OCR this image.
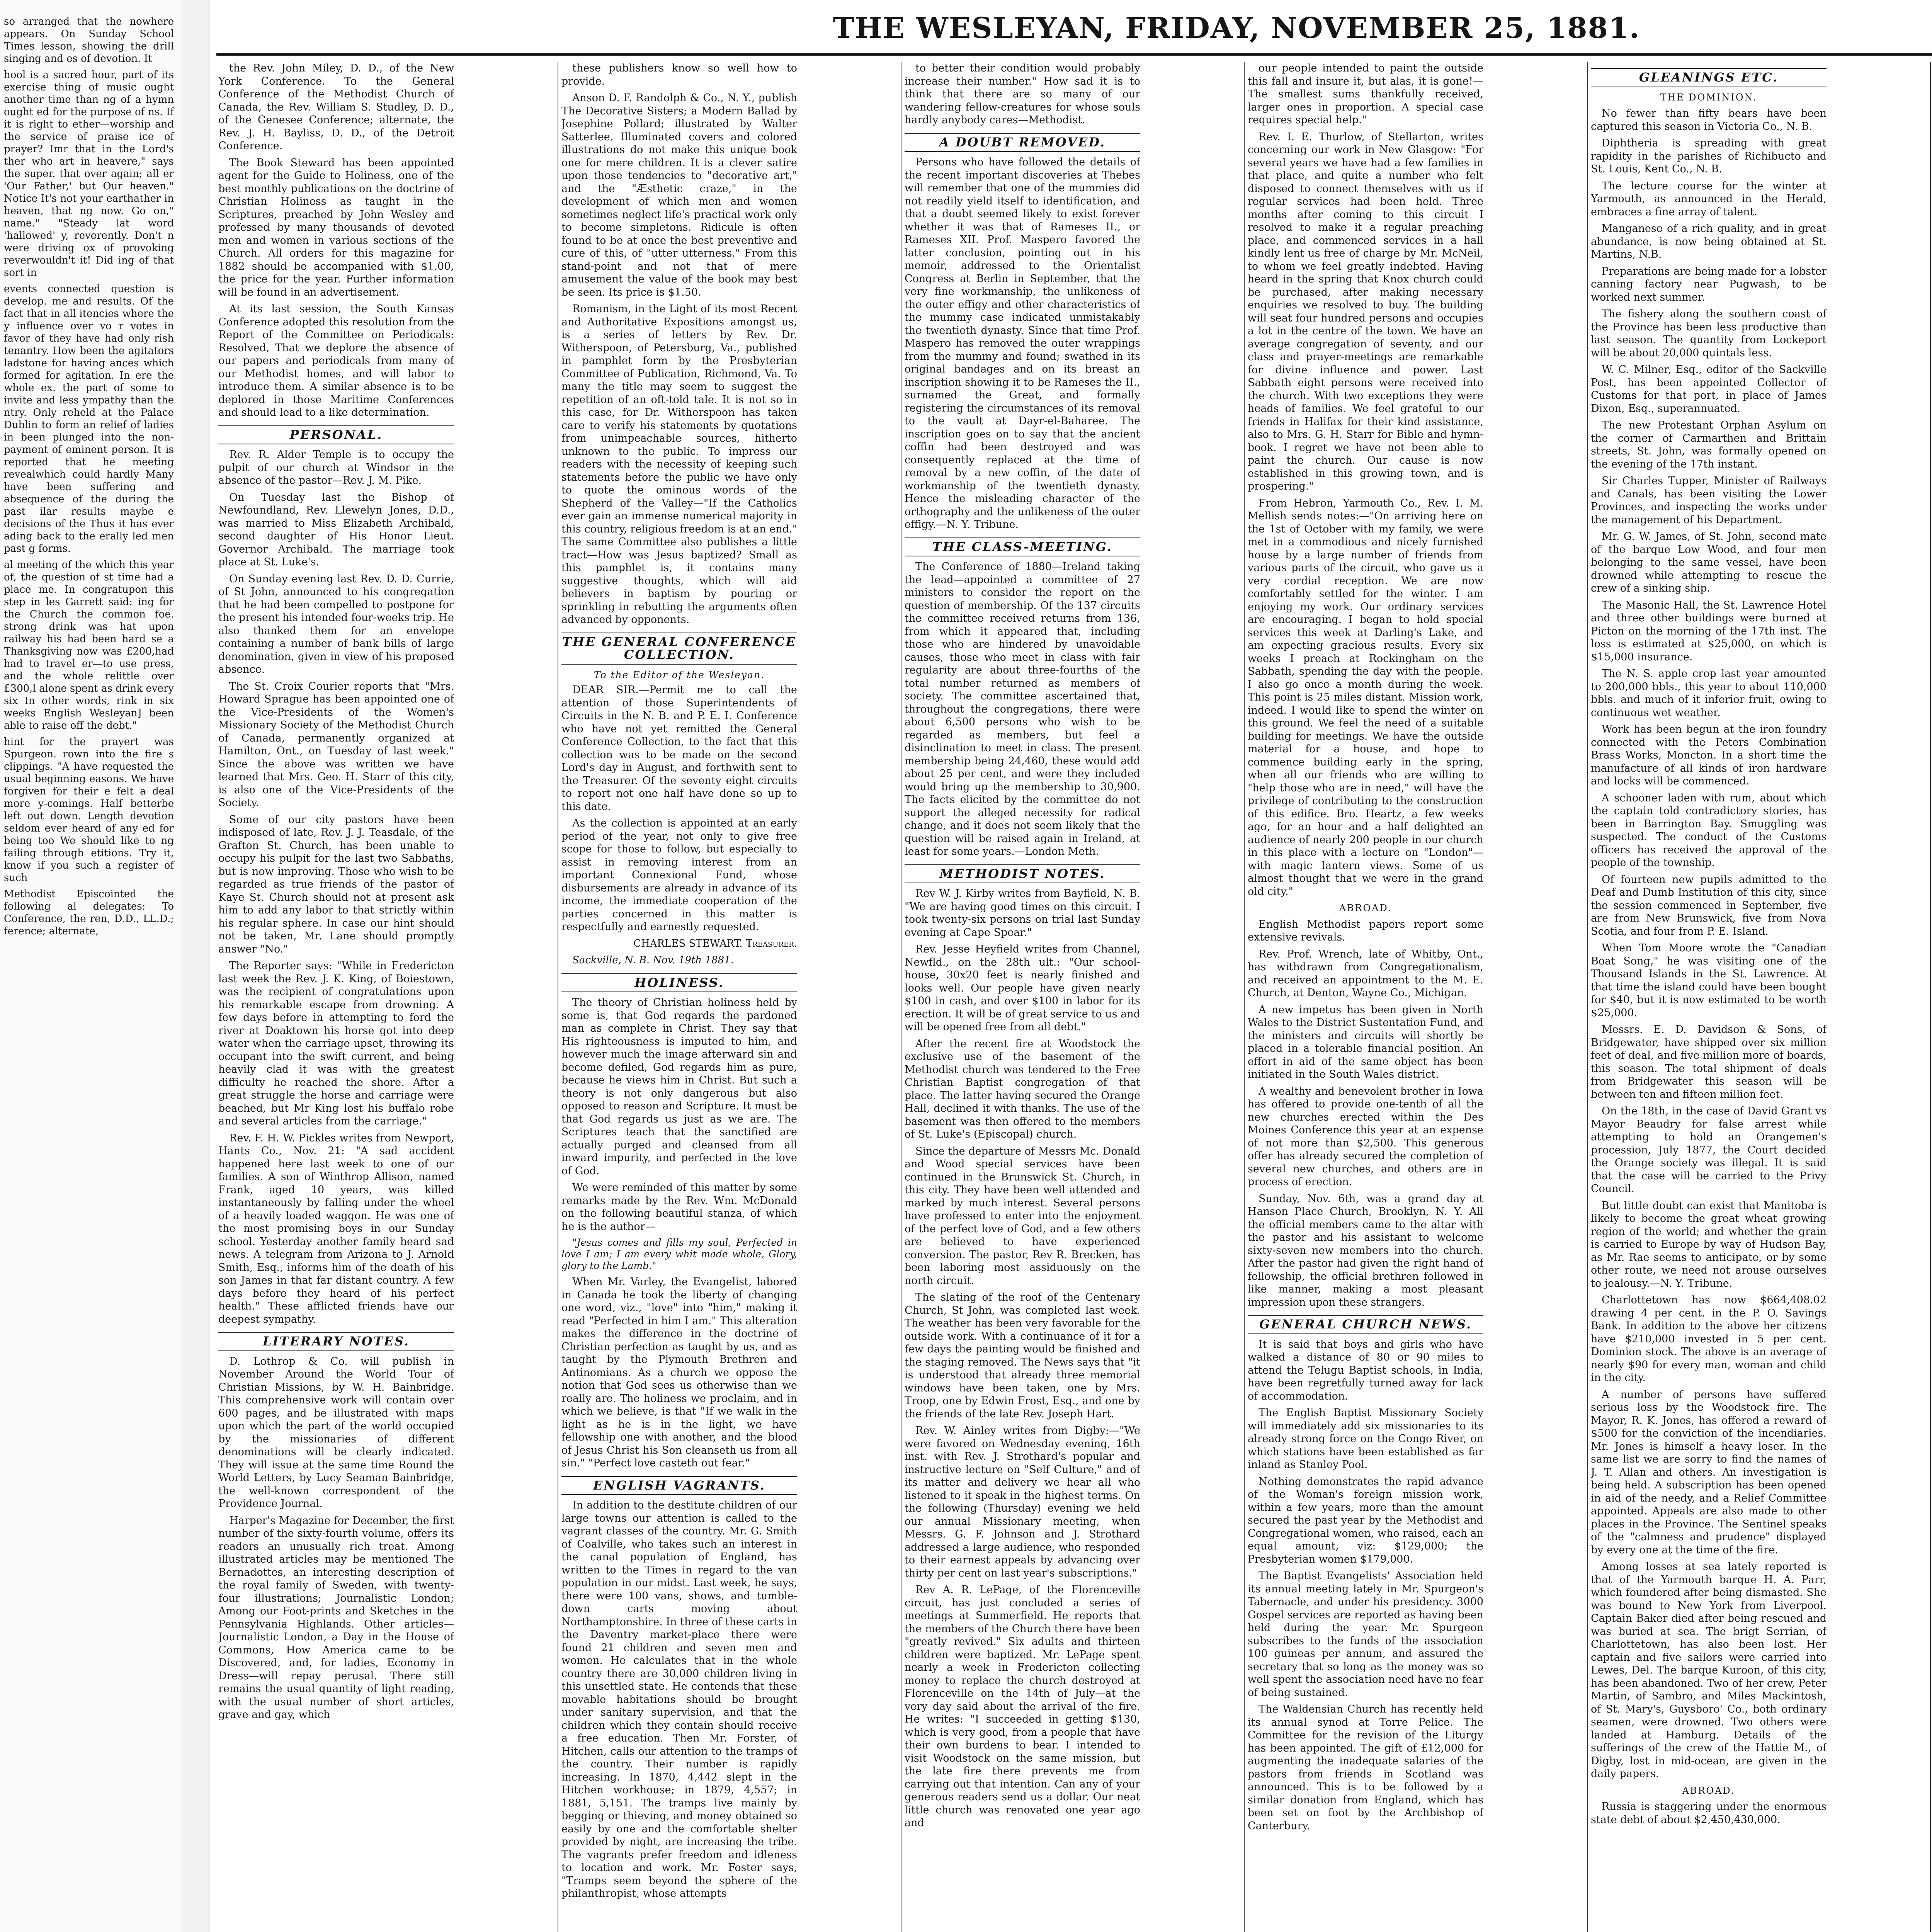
so arranged that the nowhere appears. On Sunday School Times lesson, showing the drill singing and es of devotion. It

hool is a sacred hour, part of its exercise thing of music ought another time than ng of a hymn ought ed for the purpose of ns. If it is right to ether—worship and the service of praise ice of prayer? Imr that in the Lord's ther who art in heavere," says the super. that over again; all er 'Our Father,' but Our heaven." Notice It's not your earthather in heaven, that ng now. Go on," name." "Steady lat word 'hallowed' y, reverently. Don't n were driving ox of provoking reverwouldn't it! Did ing of that sort in

events connected question is develop. me and results. Of the fact that in all itencies where the y influence over vo r votes in favor of they have had only rish tenantry. How been the agitators ladstone for having ances which formed for agitation. In ere the whole ex. the part of some to invite and less ympathy than the ntry. Only reheld at the Palace Dublin to form an relief of ladies in been plunged into the non-payment of eminent person. It is reported that he meeting revealwhich could hardly Many have been suffering and absequence of the during the past ilar results maybe e decisions of the Thus it has ever ading back to the erally led men past g forms.

al meeting of the which this year of, the question of st time had a place me. In congratupon this step in les Garrett said: ing for the Church the common foe. strong drink was hat upon railway his had been hard se a Thanksgiving now was £200,had had to travel er—to use press, and the whole relittle over £300,l alone spent as drink every six In other words, rink in six weeks English Wesleyan] been able to raise off the debt."

hint for the prayert was Spurgeon. rown into the fire s clippings. "A have requested the usual beginning easons. We have forgiven for their e felt a deal more y-comings. Half betterbe left out down. Length devotion seldom ever heard of any ed for being too We should like to ng failing through etitions. Try it, know if you such a register of such

Methodist Episcointed the following al delegates: To Conference, the ren, D.D., LL.D.; ference; alternate,

THE WESLEYAN, FRIDAY, NOVEMBER 25, 1881.

the Rev. John Miley, D. D., of the New York Conference. To the General Conference of the Methodist Church of Canada, the Rev. William S. Studley, D. D., of the Genesee Conference; alternate, the Rev. J. H. Bayliss, D. D., of the Detroit Conference.

The Book Steward has been appointed agent for the Guide to Holiness, one of the best monthly publications on the doctrine of Christian Holiness as taught in the Scriptures, preached by John Wesley and professed by many thousands of devoted men and women in various sections of the Church. All orders for this magazine for 1882 should be accompanied with $1.00, the price for the year. Further information will be found in an advertisement.

At its last session, the South Kansas Conference adopted this resolution from the Report of the Committee on Periodicals: Resolved, That we deplore the absence of our papers and periodicals from many of our Methodist homes, and will labor to introduce them. A similar absence is to be deplored in those Maritime Conferences and should lead to a like determination.

PERSONAL.

Rev. R. Alder Temple is to occupy the pulpit of our church at Windsor in the absence of the pastor—Rev. J. M. Pike.

On Tuesday last the Bishop of Newfoundland, Rev. Llewelyn Jones, D.D., was married to Miss Elizabeth Archibald, second daughter of His Honor Lieut. Governor Archibald. The marriage took place at St. Luke's.

On Sunday evening last Rev. D. D. Currie, of St John, announced to his congregation that he had been compelled to postpone for the present his intended four-weeks trip. He also thanked them for an envelope containing a number of bank bills of large denomination, given in view of his proposed absence.

The St. Croix Courier reports that "Mrs. Howard Sprague has been appointed one of the Vice-Presidents of the Women's Missionary Society of the Methodist Church of Canada, permanently organized at Hamilton, Ont., on Tuesday of last week." Since the above was written we have learned that Mrs. Geo. H. Starr of this city, is also one of the Vice-Presidents of the Society.

Some of our city pastors have been indisposed of late, Rev. J. J. Teasdale, of the Grafton St. Church, has been unable to occupy his pulpit for the last two Sabbaths, but is now improving. Those who wish to be regarded as true friends of the pastor of Kaye St. Church should not at present ask him to add any labor to that strictly within his regular sphere. In case our hint should not be taken, Mr. Lane should promptly answer "No."

The Reporter says: "While in Fredericton last week the Rev. J. K. King, of Boiestown, was the recipient of congratulations upon his remarkable escape from drowning. A few days before in attempting to ford the river at Doaktown his horse got into deep water when the carriage upset, throwing its occupant into the swift current, and being heavily clad it was with the greatest difficulty he reached the shore. After a great struggle the horse and carriage were beached, but Mr King lost his buffalo robe and several articles from the carriage."

Rev. F. H. W. Pickles writes from Newport, Hants Co., Nov. 21: "A sad accident happened here last week to one of our families. A son of Winthrop Allison, named Frank, aged 10 years, was killed instantaneously by falling under the wheel of a heavily loaded waggon. He was one of the most promising boys in our Sunday school. Yesterday another family heard sad news. A telegram from Arizona to J. Arnold Smith, Esq., informs him of the death of his son James in that far distant country. A few days before they heard of his perfect health." These afflicted friends have our deepest sympathy.

LITERARY NOTES.

D. Lothrop & Co. will publish in November Around the World Tour of Christian Missions, by W. H. Bainbridge. This comprehensive work will contain over 600 pages, and be illustrated with maps upon which the part of the world occupied by the missionaries of different denominations will be clearly indicated. They will issue at the same time Round the World Letters, by Lucy Seaman Bainbridge, the well-known correspondent of the Providence Journal.

Harper's Magazine for December, the first number of the sixty-fourth volume, offers its readers an unusually rich treat. Among illustrated articles may be mentioned The Bernadottes, an interesting description of the royal family of Sweden, with twenty-four illustrations; Journalistic London; Among our Foot-prints and Sketches in the Pennsylvania Highlands. Other articles—Journalistic London, a Day in the House of Commons, How America came to be Discovered, and, for ladies, Economy in Dress—will repay perusal. There still remains the usual quantity of light reading, with the usual number of short articles, grave and gay, which

these publishers know so well how to provide.

Anson D. F. Randolph & Co., N. Y., publish The Decorative Sisters; a Modern Ballad by Josephine Pollard; illustrated by Walter Satterlee. Illuminated covers and colored illustrations do not make this unique book one for mere children. It is a clever satire upon those tendencies to "decorative art," and the "Æsthetic craze," in the development of which men and women sometimes neglect life's practical work only to become simpletons. Ridicule is often found to be at once the best preventive and cure of this, of "utter utterness." From this stand-point and not that of mere amusement the value of the book may best be seen. Its price is $1.50.

Romanism, in the Light of its most Recent and Authoritative Expositions amongst us, is a series of letters by Rev. Dr. Witherspoon, of Petersburg, Va., published in pamphlet form by the Presbyterian Committee of Publication, Richmond, Va. To many the title may seem to suggest the repetition of an oft-told tale. It is not so in this case, for Dr. Witherspoon has taken care to verify his statements by quotations from unimpeachable sources, hitherto unknown to the public. To impress our readers with the necessity of keeping such statements before the public we have only to quote the ominous words of the Shepherd of the Valley—"If the Catholics ever gain an immense numerical majority in this country, religious freedom is at an end." The same Committee also publishes a little tract—How was Jesus baptized? Small as this pamphlet is, it contains many suggestive thoughts, which will aid believers in baptism by pouring or sprinkling in rebutting the arguments often advanced by opponents.

THE GENERAL CONFERENCE COLLECTION.
To the Editor of the Wesleyan.

DEAR SIR.—Permit me to call the attention of those Superintendents of Circuits in the N. B. and P. E. I. Conference who have not yet remitted the General Conference Collection, to the fact that this collection was to be made on the second Lord's day in August, and forthwith sent to the Treasurer. Of the seventy eight circuits to report not one half have done so up to this date.

As the collection is appointed at an early period of the year, not only to give free scope for those to follow, but especially to assist in removing interest from an important Connexional Fund, whose disbursements are already in advance of its income, the immediate cooperation of the parties concerned in this matter is respectfully and earnestly requested.

CHARLES STEWART. Treasurer.

Sackville, N. B. Nov. 19th 1881.

HOLINESS.

The theory of Christian holiness held by some is, that God regards the pardoned man as complete in Christ. They say that His righteousness is imputed to him, and however much the image afterward sin and become defiled, God regards him as pure, because he views him in Christ. But such a theory is not only dangerous but also opposed to reason and Scripture. It must be that God regards us just as we are. The Scriptures teach that the sanctified are actually purged and cleansed from all inward impurity, and perfected in the love of God.

We were reminded of this matter by some remarks made by the Rev. Wm. McDonald on the following beautiful stanza, of which he is the author—

"Jesus comes and fills my soul, Perfected in love I am; I am every whit made whole, Glory, glory to the Lamb."

When Mr. Varley, the Evangelist, labored in Canada he took the liberty of changing one word, viz., "love" into "him," making it read "Perfected in him I am." This alteration makes the difference in the doctrine of Christian perfection as taught by us, and as taught by the Plymouth Brethren and Antinomians. As a church we oppose the notion that God sees us otherwise than we really are. The holiness we proclaim, and in which we believe, is that "If we walk in the light as he is in the light, we have fellowship one with another, and the blood of Jesus Christ his Son cleanseth us from all sin." "Perfect love casteth out fear."

ENGLISH VAGRANTS.

In addition to the destitute children of our large towns our attention is called to the vagrant classes of the country. Mr. G. Smith of Coalville, who takes such an interest in the canal population of England, has written to the Times in regard to the van population in our midst. Last week, he says, there were 100 vans, shows, and tumble-down carts moving about Northamptonshire. In three of these carts in the Daventry market-place there were found 21 children and seven men and women. He calculates that in the whole country there are 30,000 children living in this unsettled state. He contends that these movable habitations should be brought under sanitary supervision, and that the children which they contain should receive a free education. Then Mr. Forster, of Hitchen, calls our attention to the tramps of the country. Their number is rapidly increasing. In 1870, 4,442 slept in the Hitchen workhouse; in 1879, 4,557; in 1881, 5,151. The tramps live mainly by begging or thieving, and money obtained so easily by one and the comfortable shelter provided by night, are increasing the tribe. The vagrants prefer freedom and idleness to location and work. Mr. Foster says, "Tramps seem beyond the sphere of the philanthropist, whose attempts

to better their condition would probably increase their number." How sad it is to think that there are so many of our wandering fellow-creatures for whose souls hardly anybody cares—Methodist.

A DOUBT REMOVED.

Persons who have followed the details of the recent important discoveries at Thebes will remember that one of the mummies did not readily yield itself to identification, and that a doubt seemed likely to exist forever whether it was that of Rameses II., or Rameses XII. Prof. Maspero favored the latter conclusion, pointing out in his memoir, addressed to the Orientalist Congress at Berlin in September, that the very fine workmanship, the unlikeness of the outer effigy and other characteristics of the mummy case indicated unmistakably the twentieth dynasty. Since that time Prof. Maspero has removed the outer wrappings from the mummy and found; swathed in its original bandages and on its breast an inscription showing it to be Rameses the II., surnamed the Great, and formally registering the circumstances of its removal to the vault at Dayr-el-Baharee. The inscription goes on to say that the ancient coffin had been destroyed and was consequently replaced at the time of removal by a new coffin, of the date of workmanship of the twentieth dynasty. Hence the misleading character of the orthography and the unlikeness of the outer effigy.—N. Y. Tribune.

THE CLASS-MEETING.

The Conference of 1880—Ireland taking the lead—appointed a committee of 27 ministers to consider the report on the question of membership. Of the 137 circuits the committee received returns from 136, from which it appeared that, including those who are hindered by unavoidable causes, those who meet in class with fair regularity are about three-fourths of the total number returned as members of society. The committee ascertained that, throughout the congregations, there were about 6,500 persons who wish to be regarded as members, but feel a disinclination to meet in class. The present membership being 24,460, these would add about 25 per cent, and were they included would bring up the membership to 30,900. The facts elicited by the committee do not support the alleged necessity for radical change, and it does not seem likely that the question will be raised again in Ireland, at least for some years.—London Meth.

METHODIST NOTES.

Rev W. J. Kirby writes from Bayfield, N. B. "We are having good times on this circuit. I took twenty-six persons on trial last Sunday evening at Cape Spear."

Rev. Jesse Heyfield writes from Channel, Newfld., on the 28th ult.: "Our school-house, 30x20 feet is nearly finished and looks well. Our people have given nearly $100 in cash, and over $100 in labor for its erection. It will be of great service to us and will be opened free from all debt."

After the recent fire at Woodstock the exclusive use of the basement of the Methodist church was tendered to the Free Christian Baptist congregation of that place. The latter having secured the Orange Hall, declined it with thanks. The use of the basement was then offered to the members of St. Luke's (Episcopal) church.

Since the departure of Messrs Mc. Donald and Wood special services have been continued in the Brunswick St. Church, in this city. They have been well attended and marked by much interest. Several persons have professed to enter into the enjoyment of the perfect love of God, and a few others are believed to have experienced conversion. The pastor, Rev R. Brecken, has been laboring most assiduously on the north circuit.

The slating of the roof of the Centenary Church, St John, was completed last week. The weather has been very favorable for the outside work. With a continuance of it for a few days the painting would be finished and the staging removed. The News says that "it is understood that already three memorial windows have been taken, one by Mrs. Troop, one by Edwin Frost, Esq., and one by the friends of the late Rev. Joseph Hart.

Rev. W. Ainley writes from Digby:—"We were favored on Wednesday evening, 16th inst. with Rev. J. Strothard's popular and instructive lecture on "Self Culture," and of its matter and delivery we hear all who listened to it speak in the highest terms. On the following (Thursday) evening we held our annual Missionary meeting, when Messrs. G. F. Johnson and J. Strothard addressed a large audience, who responded to their earnest appeals by advancing over thirty per cent on last year's subscriptions."

Rev A. R. LePage, of the Florenceville circuit, has just concluded a series of meetings at Summerfield. He reports that the members of the Church there have been "greatly revived." Six adults and thirteen children were baptized. Mr. LePage spent nearly a week in Fredericton collecting money to replace the church destroyed at Florenceville on the 14th of July—at the very day said about the arrival of the fire. He writes: "I succeeded in getting $130, which is very good, from a people that have their own burdens to bear. I intended to visit Woodstock on the same mission, but the late fire there prevents me from carrying out that intention. Can any of your generous readers send us a dollar. Our neat little church was renovated one year ago and

our people intended to paint the outside this fall and insure it, but alas, it is gone!—The smallest sums thankfully received, larger ones in proportion. A special case requires special help."

Rev. I. E. Thurlow, of Stellarton, writes concerning our work in New Glasgow: "For several years we have had a few families in that place, and quite a number who felt disposed to connect themselves with us if regular services had been held. Three months after coming to this circuit I resolved to make it a regular preaching place, and commenced services in a hall kindly lent us free of charge by Mr. McNeil, to whom we feel greatly indebted. Having heard in the spring that Knox church could be purchased, after making necessary enquiries we resolved to buy. The building will seat four hundred persons and occupies a lot in the centre of the town. We have an average congregation of seventy, and our class and prayer-meetings are remarkable for divine influence and power. Last Sabbath eight persons were received into the church. With two exceptions they were heads of families. We feel grateful to our friends in Halifax for their kind assistance, also to Mrs. G. H. Starr for Bible and hymn-book. I regret we have not been able to paint the church. Our cause is now established in this growing town, and is prospering."

From Hebron, Yarmouth Co., Rev. I. M. Mellish sends notes:—"On arriving here on the 1st of October with my family, we were met in a commodious and nicely furnished house by a large number of friends from various parts of the circuit, who gave us a very cordial reception. We are now comfortably settled for the winter. I am enjoying my work. Our ordinary services are encouraging. I began to hold special services this week at Darling's Lake, and am expecting gracious results. Every six weeks I preach at Rockingham on the Sabbath, spending the day with the people. I also go once a month during the week. This point is 25 miles distant. Mission work, indeed. I would like to spend the winter on this ground. We feel the need of a suitable building for meetings. We have the outside material for a house, and hope to commence building early in the spring, when all our friends who are willing to "help those who are in need," will have the privilege of contributing to the construction of this edifice. Bro. Heartz, a few weeks ago, for an hour and a half delighted an audience of nearly 200 people in our church in this place with a lecture on "London"—with magic lantern views. Some of us almost thought that we were in the grand old city."

ABROAD.

English Methodist papers report some extensive revivals.

Rev. Prof. Wrench, late of Whitby, Ont., has withdrawn from Congregationalism, and received an appointment to the M. E. Church, at Denton, Wayne Co., Michigan.

A new impetus has been given in North Wales to the District Sustentation Fund, and the ministers and circuits will shortly be placed in a tolerable financial position. An effort in aid of the same object has been initiated in the South Wales district.

A wealthy and benevolent brother in Iowa has offered to provide one-tenth of all the new churches erected within the Des Moines Conference this year at an expense of not more than $2,500. This generous offer has already secured the completion of several new churches, and others are in process of erection.

Sunday, Nov. 6th, was a grand day at Hanson Place Church, Brooklyn, N. Y. All the official members came to the altar with the pastor and his assistant to welcome sixty-seven new members into the church. After the pastor had given the right hand of fellowship, the official brethren followed in like manner, making a most pleasant impression upon these strangers.

GENERAL CHURCH NEWS.

It is said that boys and girls who have walked a distance of 80 or 90 miles to attend the Telugu Baptist schools, in India, have been regretfully turned away for lack of accommodation.

The English Baptist Missionary Society will immediately add six missionaries to its already strong force on the Congo River, on which stations have been established as far inland as Stanley Pool.

Nothing demonstrates the rapid advance of the Woman's foreign mission work, within a few years, more than the amount secured the past year by the Methodist and Congregational women, who raised, each an equal amount, viz: $129,000; the Presbyterian women $179,000.

The Baptist Evangelists' Association held its annual meeting lately in Mr. Spurgeon's Tabernacle, and under his presidency. 3000 Gospel services are reported as having been held during the year. Mr. Spurgeon subscribes to the funds of the association 100 guineas per annum, and assured the secretary that so long as the money was so well spent the association need have no fear of being sustained.

The Waldensian Church has recently held its annual synod at Torre Pelice. The Committee for the revision of the Liturgy has been appointed. The gift of £12,000 for augmenting the inadequate salaries of the pastors from friends in Scotland was announced. This is to be followed by a similar donation from England, which has been set on foot by the Archbishop of Canterbury.

GLEANINGS ETC.
THE DOMINION.

No fewer than fifty bears have been captured this season in Victoria Co., N. B.

Diphtheria is spreading with great rapidity in the parishes of Richibucto and St. Louis, Kent Co., N. B.

The lecture course for the winter at Yarmouth, as announced in the Herald, embraces a fine array of talent.

Manganese of a rich quality, and in great abundance, is now being obtained at St. Martins, N.B.

Preparations are being made for a lobster canning factory near Pugwash, to be worked next summer.

The fishery along the southern coast of the Province has been less productive than last season. The quantity from Lockeport will be about 20,000 quintals less.

W. C. Milner, Esq., editor of the Sackville Post, has been appointed Collector of Customs for that port, in place of James Dixon, Esq., superannuated.

The new Protestant Orphan Asylum on the corner of Carmarthen and Brittain streets, St. John, was formally opened on the evening of the 17th instant.

Sir Charles Tupper, Minister of Railways and Canals, has been visiting the Lower Provinces, and inspecting the works under the management of his Department.

Mr. G. W. James, of St. John, second mate of the barque Low Wood, and four men belonging to the same vessel, have been drowned while attempting to rescue the crew of a sinking ship.

The Masonic Hall, the St. Lawrence Hotel and three other buildings were burned at Picton on the morning of the 17th inst. The loss is estimated at $25,000, on which is $15,000 insurance.

The N. S. apple crop last year amounted to 200,000 bbls., this year to about 110,000 bbls. and much of it inferior fruit, owing to continuous wet weather.

Work has been begun at the iron foundry connected with the Peters Combination Brass Works, Moncton. In a short time the manufacture of all kinds of iron hardware and locks will be commenced.

A schooner laden with rum, about which the captain told contradictory stories, has been in Barrington Bay. Smuggling was suspected. The conduct of the Customs officers has received the approval of the people of the township.

Of fourteen new pupils admitted to the Deaf and Dumb Institution of this city, since the session commenced in September, five are from New Brunswick, five from Nova Scotia, and four from P. E. Island.

When Tom Moore wrote the "Canadian Boat Song," he was visiting one of the Thousand Islands in the St. Lawrence. At that time the island could have been bought for $40, but it is now estimated to be worth $25,000.

Messrs. E. D. Davidson & Sons, of Bridgewater, have shipped over six million feet of deal, and five million more of boards, this season. The total shipment of deals from Bridgewater this season will be between ten and fifteen million feet.

On the 18th, in the case of David Grant vs Mayor Beaudry for false arrest while attempting to hold an Orangemen's procession, July 1877, the Court decided the Orange society was illegal. It is said that the case will be carried to the Privy Council.

But little doubt can exist that Manitoba is likely to become the great wheat growing region of the world; and whether the grain is carried to Europe by way of Hudson Bay, as Mr. Rae seems to anticipate, or by some other route, we need not arouse ourselves to jealousy.—N. Y. Tribune.

Charlottetown has now $664,408.02 drawing 4 per cent. in the P. O. Savings Bank. In addition to the above her citizens have $210,000 invested in 5 per cent. Dominion stock. The above is an average of nearly $90 for every man, woman and child in the city.

A number of persons have suffered serious loss by the Woodstock fire. The Mayor, R. K. Jones, has offered a reward of $500 for the conviction of the incendiaries. Mr. Jones is himself a heavy loser. In the same list we are sorry to find the names of J. T. Allan and others. An investigation is being held. A subscription has been opened in aid of the needy, and a Relief Committee appointed. Appeals are also made to other places in the Province. The Sentinel speaks of the "calmness and prudence" displayed by every one at the time of the fire.

Among losses at sea lately reported is that of the Yarmouth barque H. A. Parr, which foundered after being dismasted. She was bound to New York from Liverpool. Captain Baker died after being rescued and was buried at sea. The brigt Serrian, of Charlottetown, has also been lost. Her captain and five sailors were carried into Lewes, Del. The barque Kuroon, of this city, has been abandoned. Two of her crew, Peter Martin, of Sambro, and Miles Mackintosh, of St. Mary's, Guysboro' Co., both ordinary seamen, were drowned. Two others were landed at Hamburg. Details of the sufferings of the crew of the Hattie M., of Digby, lost in mid-ocean, are given in the daily papers.

ABROAD.

Russia is staggering under the enormous state debt of about $2,450,430,000.
